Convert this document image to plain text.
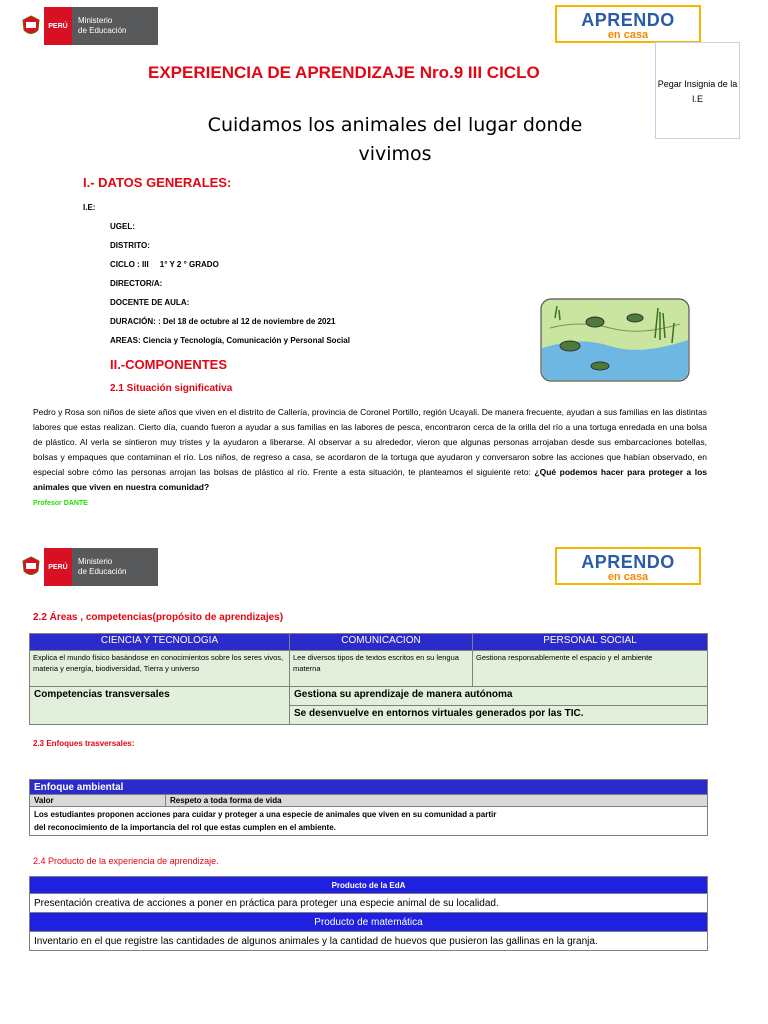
PERÚ
Ministerio
de Educación
APRENDO
en casa
EXPERIENCIA DE APRENDIZAJE Nro.9 III CICLO
Pegar Insignia de la I.E
Cuidamos los animales del lugar donde
vivimos
I.- DATOS GENERALES:
I.E:
UGEL:
DISTRITO:
CICLO : III     1° Y 2 ° GRADO
DIRECTOR/A:
DOCENTE DE AULA:
DURACIÓN: : Del 18 de octubre al 12 de noviembre de 2021
AREAS: Ciencia y Tecnología, Comunicación y Personal Social
II.-COMPONENTES
2.1 Situación significativa
Pedro y Rosa son niños de siete años que viven en el distrito de Callería, provincia de Coronel Portillo, región Ucayali. De manera frecuente, ayudan a sus familias en las distintas labores que estas realizan. Cierto día, cuando fueron a ayudar a sus familias en las labores de pesca, encontraron cerca de la orilla del río a una tortuga enredada en una bolsa de plástico. Al verla se sintieron muy tristes y la ayudaron a liberarse. Al observar a su alrededor, vieron que algunas personas arrojaban desde sus embarcaciones botellas, bolsas y empaques que contaminan el río. Los niños, de regreso a casa, se acordaron de la tortuga que ayudaron y conversaron sobre las acciones que habían observado, en especial sobre cómo las personas arrojan las bolsas de plástico al río. Frente a esta situación, te planteamos el siguiente reto: ¿Qué podemos hacer para proteger a los animales que viven en nuestra comunidad?
Profesor DANTE
PERÚ
Ministerio
de Educación	APRENDO
en casa
2.2 Áreas , competencias(propósito de aprendizajes)
CIENCIA Y TECNOLOGIA	COMUNICACION	PERSONAL SOCIAL
Explica el mundo físico basándose en conocimientos sobre los seres vivos, materia y energía, biodiversidad, Tierra y universo	Lee diversos tipos de textos escritos en su lengua materna	Gestiona responsablemente el espacio y el ambiente
Competencias transversales	Gestiona su aprendizaje de manera autónoma	
	Se desenvuelve en entornos virtuales generados por las TIC.	
2.3 Enfoques trasversales:
Enfoque ambiental
Valor	Respeto a toda forma de vida

Los estudiantes proponen acciones para cuidar y proteger a una especie de animales que viven en su comunidad a partir
del reconocimiento de la importancia del rol que estas cumplen en el ambiente.
2.4 Producto de la experiencia de aprendizaje.
Producto de la EdA
Presentación creativa de acciones a poner en práctica para proteger una especie animal de su localidad.
Producto de matemática
Inventario en el que registre las cantidades de algunos animales y la cantidad de huevos que pusieron las gallinas en la granja.
